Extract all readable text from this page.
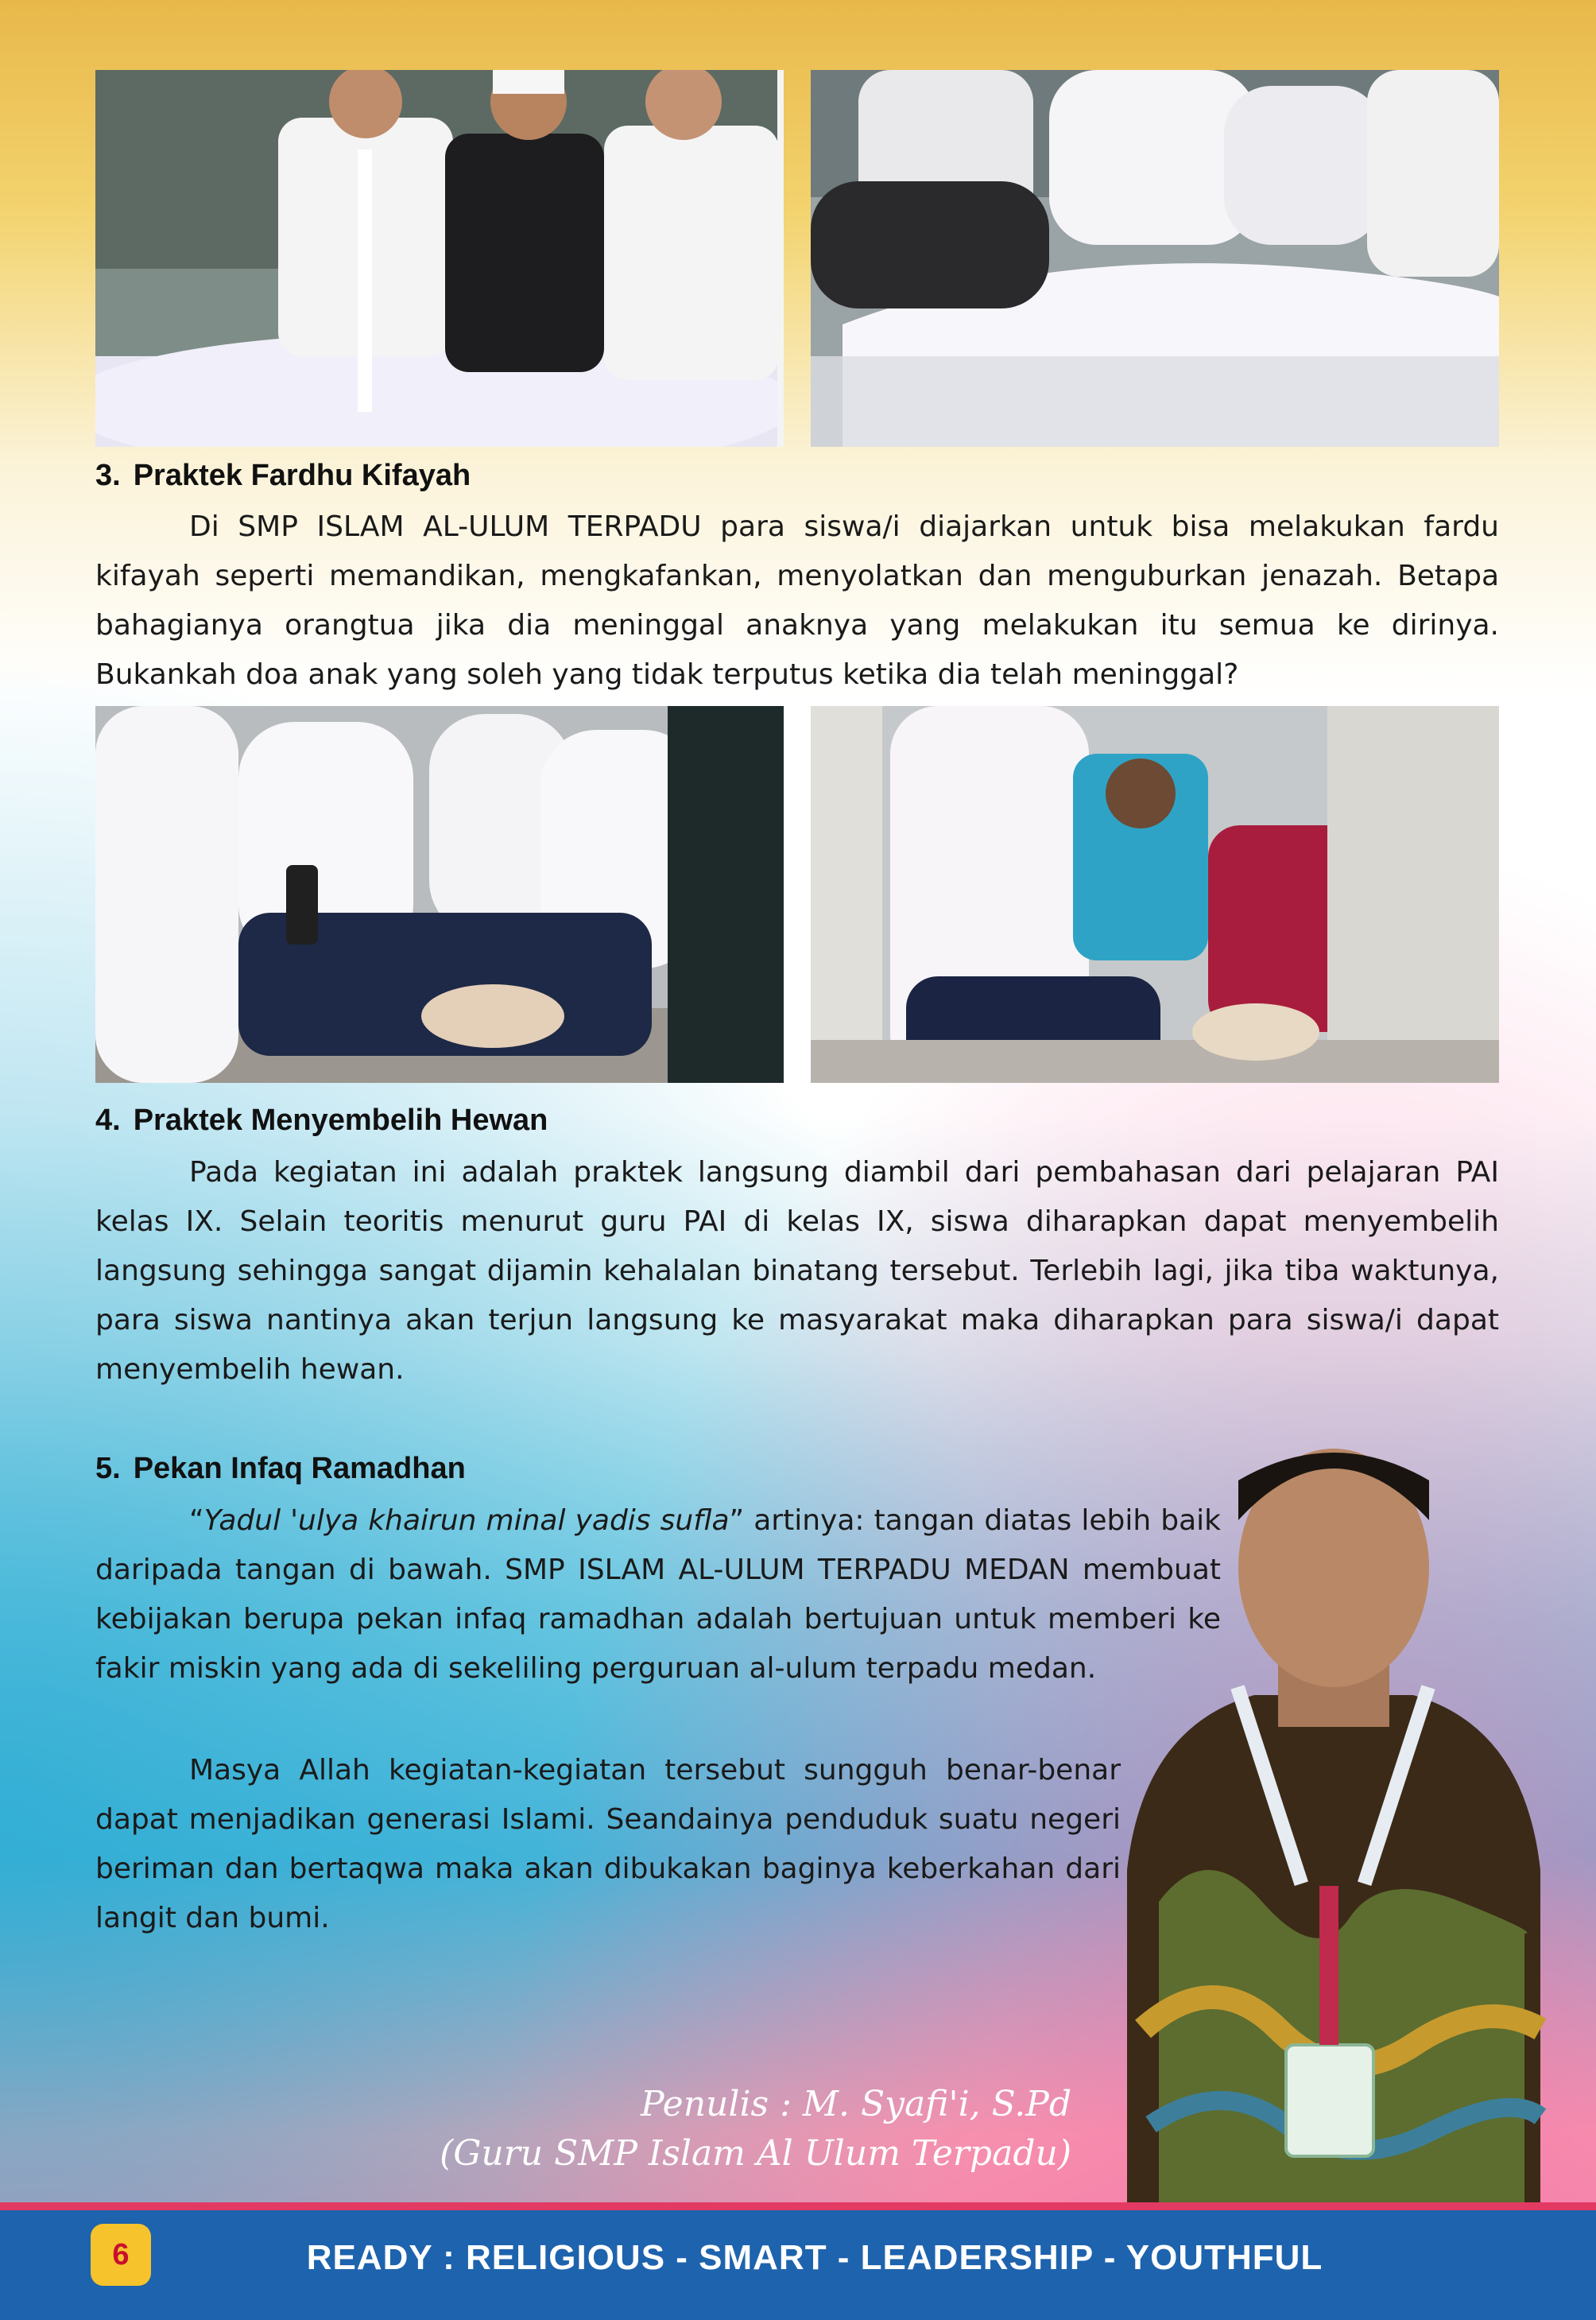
3. Praktek Fardhu Kifayah

Di SMP ISLAM AL-ULUM TERPADU para siswa/i diajarkan untuk bisa melakukan fardu kifayah seperti memandikan, mengkafankan, menyolatkan dan menguburkan jenazah. Betapa bahagianya orangtua jika dia meninggal anaknya yang melakukan itu semua ke dirinya. Bukankah doa anak yang soleh yang tidak terputus ketika dia telah meninggal?

4. Praktek Menyembelih Hewan

Pada kegiatan ini adalah praktek langsung diambil dari pembahasan dari pelajaran PAI kelas IX. Selain teoritis menurut guru PAI di kelas IX, siswa diharapkan dapat menyembelih langsung sehingga sangat dijamin kehalalan binatang tersebut. Terlebih lagi, jika tiba waktunya, para siswa nantinya akan terjun langsung ke masyarakat maka diharapkan para siswa/i dapat menyembelih hewan.

5. Pekan Infaq Ramadhan

“Yadul 'ulya khairun minal yadis sufla” artinya: tangan diatas lebih baik daripada tangan di bawah. SMP ISLAM AL-ULUM TERPADU MEDAN membuat kebijakan berupa pekan infaq ramadhan adalah bertujuan untuk memberi ke fakir miskin yang ada di sekeliling perguruan al-ulum terpadu medan.

Masya Allah kegiatan-kegiatan tersebut sungguh benar-benar dapat menjadikan generasi Islami. Seandainya penduduk suatu negeri beriman dan bertaqwa maka akan dibukakan baginya keberkahan dari langit dan bumi.

Penulis : M. Syafi'i, S.Pd
(Guru SMP Islam Al Ulum Terpadu)
6	READY : RELIGIOUS - SMART - LEADERSHIP - YOUTHFUL
